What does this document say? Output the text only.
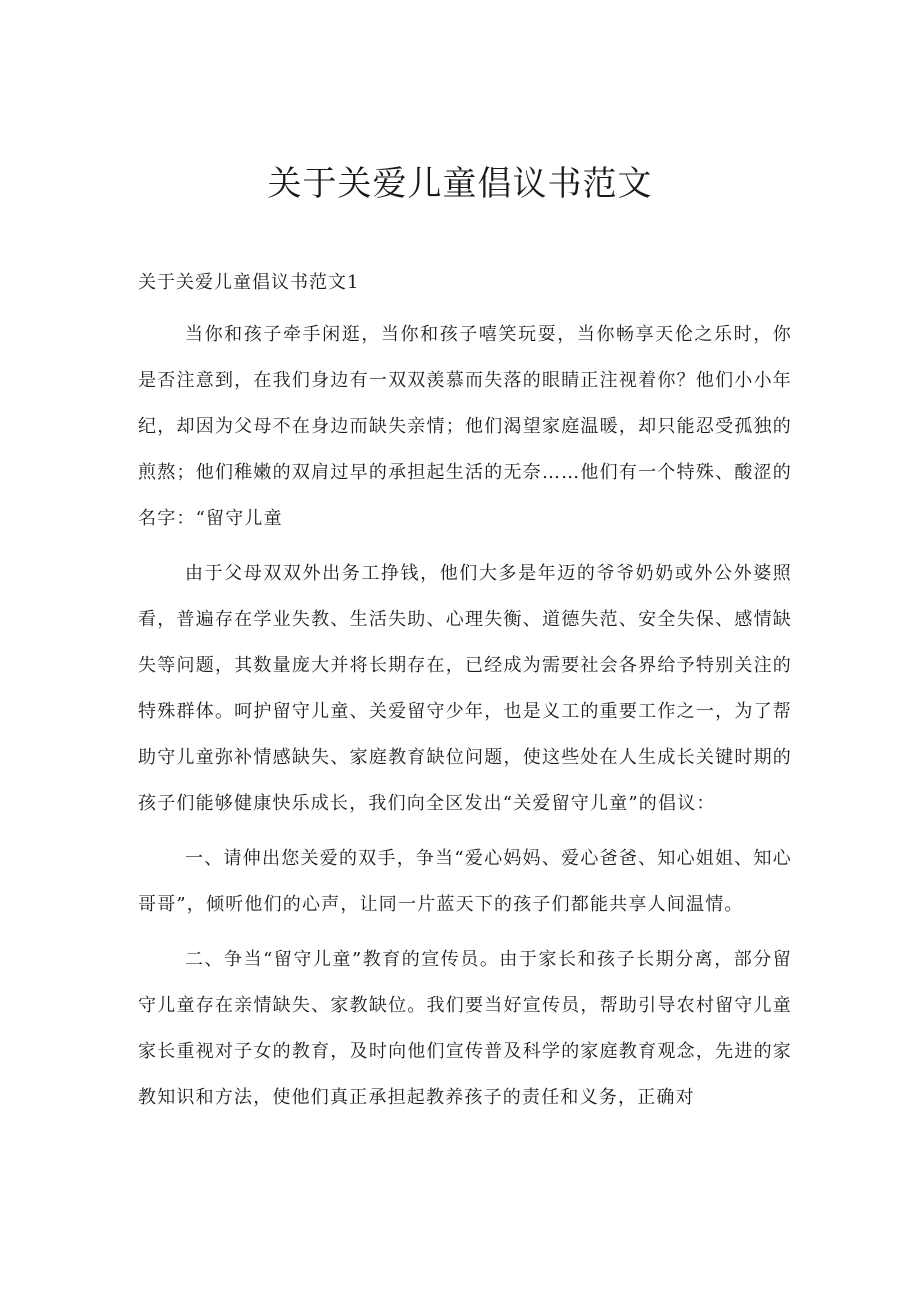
关于关爱儿童倡议书范文

关于关爱儿童倡议书范文1

当你和孩子牵手闲逛，当你和孩子嘻笑玩耍，当你畅享天伦之乐时，你是否注意到，在我们身边有一双双羡慕而失落的眼睛正注视着你？他们小小年纪，却因为父母不在身边而缺失亲情；他们渴望家庭温暖，却只能忍受孤独的煎熬；他们稚嫩的双肩过早的承担起生活的无奈……他们有一个特殊、酸涩的名字：“留守儿童

由于父母双双外出务工挣钱，他们大多是年迈的爷爷奶奶或外公外婆照看，普遍存在学业失教、生活失助、心理失衡、道德失范、安全失保、感情缺失等问题，其数量庞大并将长期存在，已经成为需要社会各界给予特别关注的特殊群体。呵护留守儿童、关爱留守少年，也是义工的重要工作之一，为了帮助守儿童弥补情感缺失、家庭教育缺位问题，使这些处在人生成长关键时期的孩子们能够健康快乐成长，我们向全区发出“关爱留守儿童”的倡议：

一、请伸出您关爱的双手，争当“爱心妈妈、爱心爸爸、知心姐姐、知心哥哥”，倾听他们的心声，让同一片蓝天下的孩子们都能共享人间温情。

二、争当“留守儿童”教育的宣传员。由于家长和孩子长期分离，部分留守儿童存在亲情缺失、家教缺位。我们要当好宣传员，帮助引导农村留守儿童家长重视对子女的教育，及时向他们宣传普及科学的家庭教育观念，先进的家教知识和方法，使他们真正承担起教养孩子的责任和义务，正确对
